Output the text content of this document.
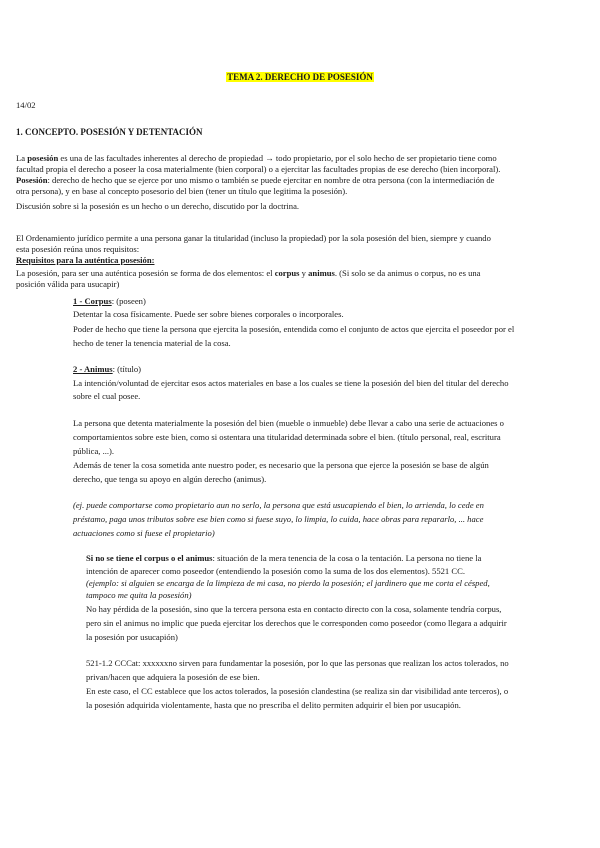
TEMA 2. DERECHO DE POSESIÓN
14/02
1. CONCEPTO. POSESIÓN Y DETENTACIÓN
La posesión es una de las facultades inherentes al derecho de propiedad → todo propietario, por el solo hecho de ser propietario tiene como
facultad propia el derecho a poseer la cosa materialmente (bien corporal) o a ejercitar las facultades propias de ese derecho (bien incorporal).
Posesión: derecho de hecho que se ejerce por uno mismo o también se puede ejercitar en nombre de otra persona (con la intermediación de
otra persona), y en base al concepto posesorio del bien (tener un título que legitima la posesión).
Discusión sobre si la posesión es un hecho o un derecho, discutido por la doctrina.
El Ordenamiento jurídico permite a una persona ganar la titularidad (incluso la propiedad) por la sola posesión del bien, siempre y cuando
esta posesión reúna unos requisitos:
Requisitos para la auténtica posesión:
La posesión, para ser una auténtica posesión se forma de dos elementos: el corpus y animus. (Si solo se da animus o corpus, no es una
posición válida para usucapir)
1 - Corpus: (poseen)
Detentar la cosa físicamente. Puede ser sobre bienes corporales o incorporales.
Poder de hecho que tiene la persona que ejercita la posesión, entendida como el conjunto de actos que ejercita el poseedor por el
hecho de tener la tenencia material de la cosa.
2 - Animus: (título)
La intención/voluntad de ejercitar esos actos materiales en base a los cuales se tiene la posesión del bien del titular del derecho
sobre el cual posee.
La persona que detenta materialmente la posesión del bien (mueble o inmueble) debe llevar a cabo una serie de actuaciones o
comportamientos sobre este bien, como si ostentara una titularidad determinada sobre el bien. (título personal, real, escritura
pública, ...).
Además de tener la cosa sometida ante nuestro poder, es necesario que la persona que ejerce la posesión se base de algún
derecho, que tenga su apoyo en algún derecho (animus).
(ej. puede comportarse como propietario aun no serlo, la persona que está usucapiendo el bien, lo arrienda, lo cede en
préstamo, paga unos tributos sobre ese bien como si fuese suyo, lo limpia, lo cuida, hace obras para repararlo, ... hace
actuaciones como si fuese el propietario)
Si no se tiene el corpus o el animus: situación de la mera tenencia de la cosa o la tentación. La persona no tiene la
intención de aparecer como poseedor (entendiendo la posesión como la suma de los dos elementos). 5521 CC.
(ejemplo: si alguien se encarga de la limpieza de mi casa, no pierdo la posesión; el jardinero que me corta el césped,
tampoco me quita la posesión)
No hay pérdida de la posesión, sino que la tercera persona esta en contacto directo con la cosa, solamente tendría corpus,
pero sin el animus no implic que pueda ejercitar los derechos que le corresponden como poseedor (como llegara a adquirir
la posesión por usucapión)
521-1.2 CCCat: xxxxxxno sirven para fundamentar la posesión, por lo que las personas que realizan los actos tolerados, no
privan/hacen que adquiera la posesión de ese bien.
En este caso, el CC establece que los actos tolerados, la posesión clandestina (se realiza sin dar visibilidad ante terceros), o
la posesión adquirida violentamente, hasta que no prescriba el delito permiten adquirir el bien por usucapión.
